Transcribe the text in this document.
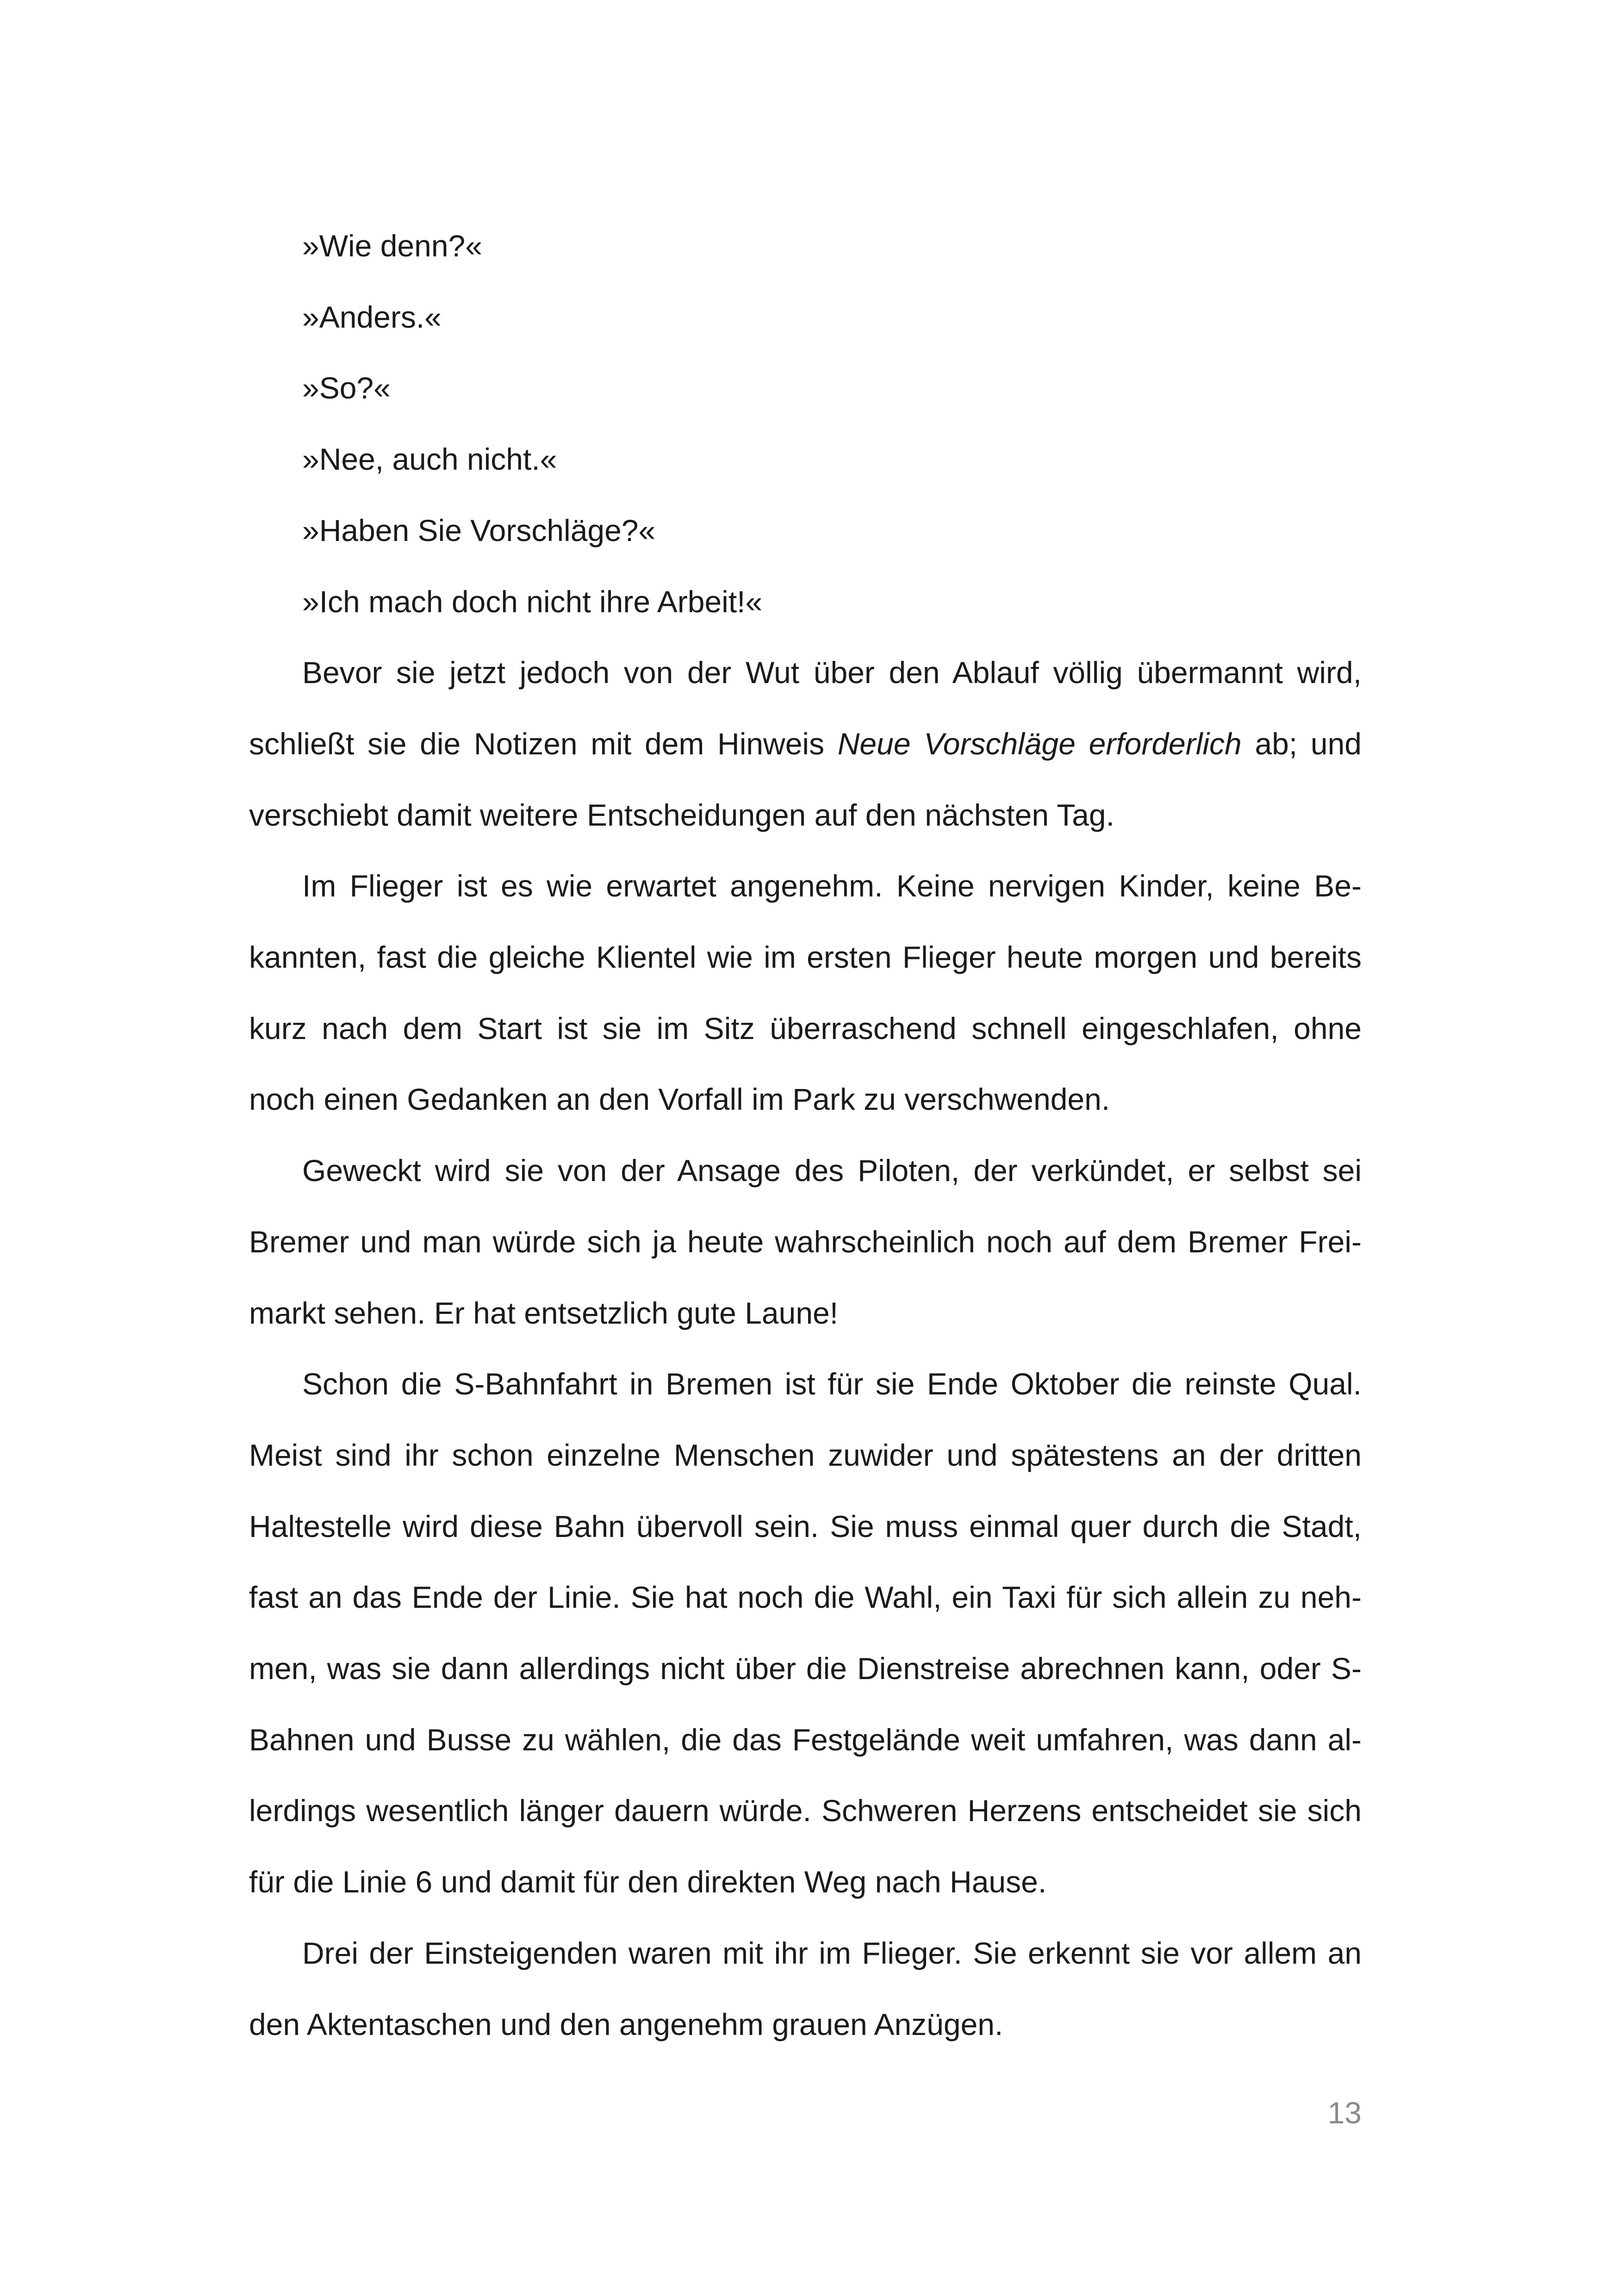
»Wie denn?«

»Anders.«

»So?«

»Nee, auch nicht.«

»Haben Sie Vorschläge?«

»Ich mach doch nicht ihre Arbeit!«

Bevor sie jetzt jedoch von der Wut über den Ablauf völlig übermannt wird, schließt sie die Notizen mit dem Hinweis Neue Vorschläge erforderlich ab; und verschiebt damit weitere Entscheidungen auf den nächsten Tag.

Im Flieger ist es wie erwartet angenehm. Keine nervigen Kinder, keine Bekannten, fast die gleiche Klientel wie im ersten Flieger heute morgen und bereits kurz nach dem Start ist sie im Sitz überraschend schnell eingeschlafen, ohne noch einen Gedanken an den Vorfall im Park zu verschwenden.

Geweckt wird sie von der Ansage des Piloten, der verkündet, er selbst sei Bremer und man würde sich ja heute wahrscheinlich noch auf dem Bremer Freimarkt sehen. Er hat entsetzlich gute Laune!

Schon die S-Bahnfahrt in Bremen ist für sie Ende Oktober die reinste Qual. Meist sind ihr schon einzelne Menschen zuwider und spätestens an der dritten Haltestelle wird diese Bahn übervoll sein. Sie muss einmal quer durch die Stadt, fast an das Ende der Linie. Sie hat noch die Wahl, ein Taxi für sich allein zu nehmen, was sie dann allerdings nicht über die Dienstreise abrechnen kann, oder S-Bahnen und Busse zu wählen, die das Festgelände weit umfahren, was dann allerdings wesentlich länger dauern würde. Schweren Herzens entscheidet sie sich für die Linie 6 und damit für den direkten Weg nach Hause.

Drei der Einsteigenden waren mit ihr im Flieger. Sie erkennt sie vor allem an den Aktentaschen und den angenehm grauen Anzügen.

13
